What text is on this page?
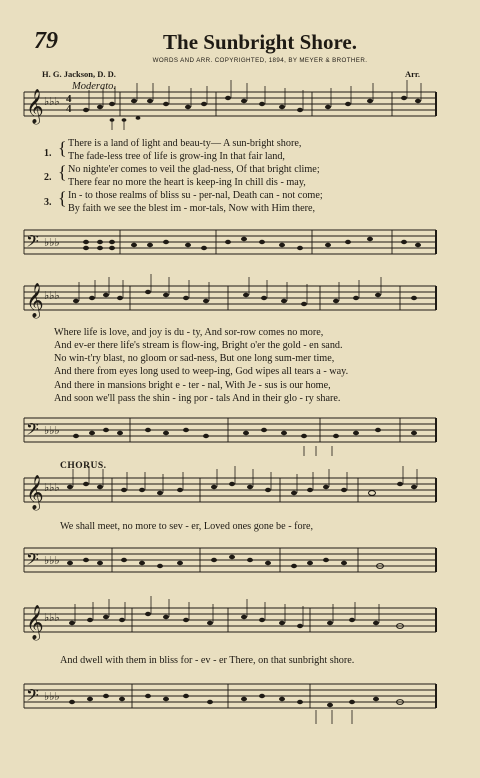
79	The Sunbright Shore.
WORDS AND ARR. COPYRIGHTED, 1894, BY MEYER & BROTHER.
H. G. Jackson, D. D.	Arr.
Moderato.
𝄞 ♭♭♭
4
4
1. { There is a land of light and beau-ty— A sun-bright shore,
The fade-less tree of life is grow-ing In that fair land,
2. { No nighte'er comes to veil the glad-ness, Of that bright clime;
There fear no more the heart is keep-ing In chill dis - may,
3. { In - to those realms of bliss su - per-nal, Death can - not come;
By faith we see the blest im - mor-tals, Now with Him there,
𝄢 ♭♭♭
𝄞 ♭♭♭
Where life is love, and joy is du - ty, And sor-row comes no more,
And ev-er there life's stream is flow-ing, Bright o'er the gold - en sand.
No win-t'ry blast, no gloom or sad-ness, But one long sum-mer time,
And there from eyes long used to weep-ing, God wipes all tears a - way.
And there in mansions bright e - ter - nal, With Je - sus is our home,
And soon we'll pass the shin - ing por - tals And in their glo - ry share.
𝄢 ♭♭♭
CHORUS.
𝄞 ♭♭♭
We shall meet, no more to sev - er, Loved ones gone be - fore,
𝄢 ♭♭♭
𝄞 ♭♭♭
And dwell with them in bliss for - ev - er There, on that sunbright shore.
𝄢 ♭♭♭
